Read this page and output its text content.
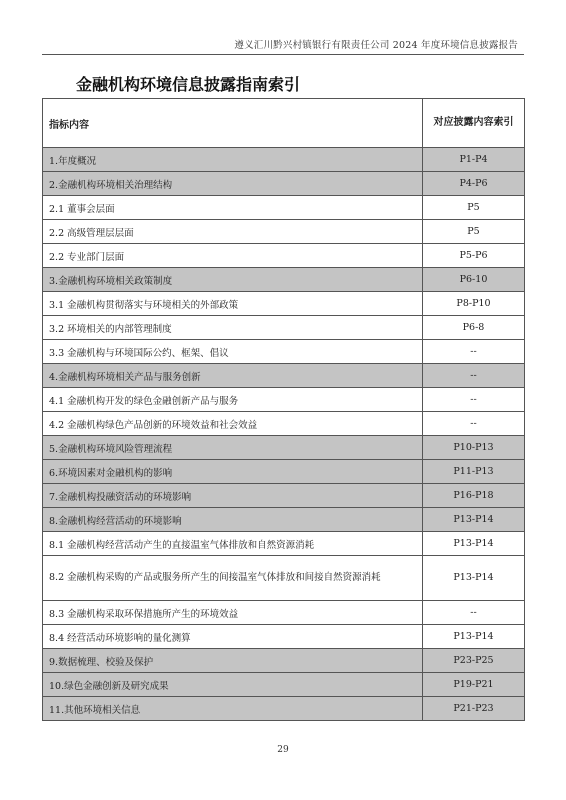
遵义汇川黔兴村镇银行有限责任公司 2024 年度环境信息披露报告
金融机构环境信息披露指南索引
指标内容	对应披露内容索引
1.年度概况	P1-P4
2.金融机构环境相关治理结构	P4-P6
2.1 董事会层面	P5
2.2 高级管理层层面	P5
2.2 专业部门层面	P5-P6
3.金融机构环境相关政策制度	P6-10
3.1 金融机构贯彻落实与环境相关的外部政策	P8-P10
3.2 环境相关的内部管理制度	P6-8
3.3 金融机构与环境国际公约、框架、倡议	--
4.金融机构环境相关产品与服务创新	--
4.1 金融机构开发的绿色金融创新产品与服务	--
4.2 金融机构绿色产品创新的环境效益和社会效益	--
5.金融机构环境风险管理流程	P10-P13
6.环境因素对金融机构的影响	P11-P13
7.金融机构投融资活动的环境影响	P16-P18
8.金融机构经营活动的环境影响	P13-P14
8.1 金融机构经营活动产生的直接温室气体排放和自然资源消耗	P13-P14
8.2 金融机构采购的产品或服务所产生的间接温室气体排放和间接自然资源消耗	P13-P14
8.3 金融机构采取环保措施所产生的环境效益	--
8.4 经营活动环境影响的量化测算	P13-P14
9.数据梳理、校验及保护	P23-P25
10.绿色金融创新及研究成果	P19-P21
11.其他环境相关信息	P21-P23
29
